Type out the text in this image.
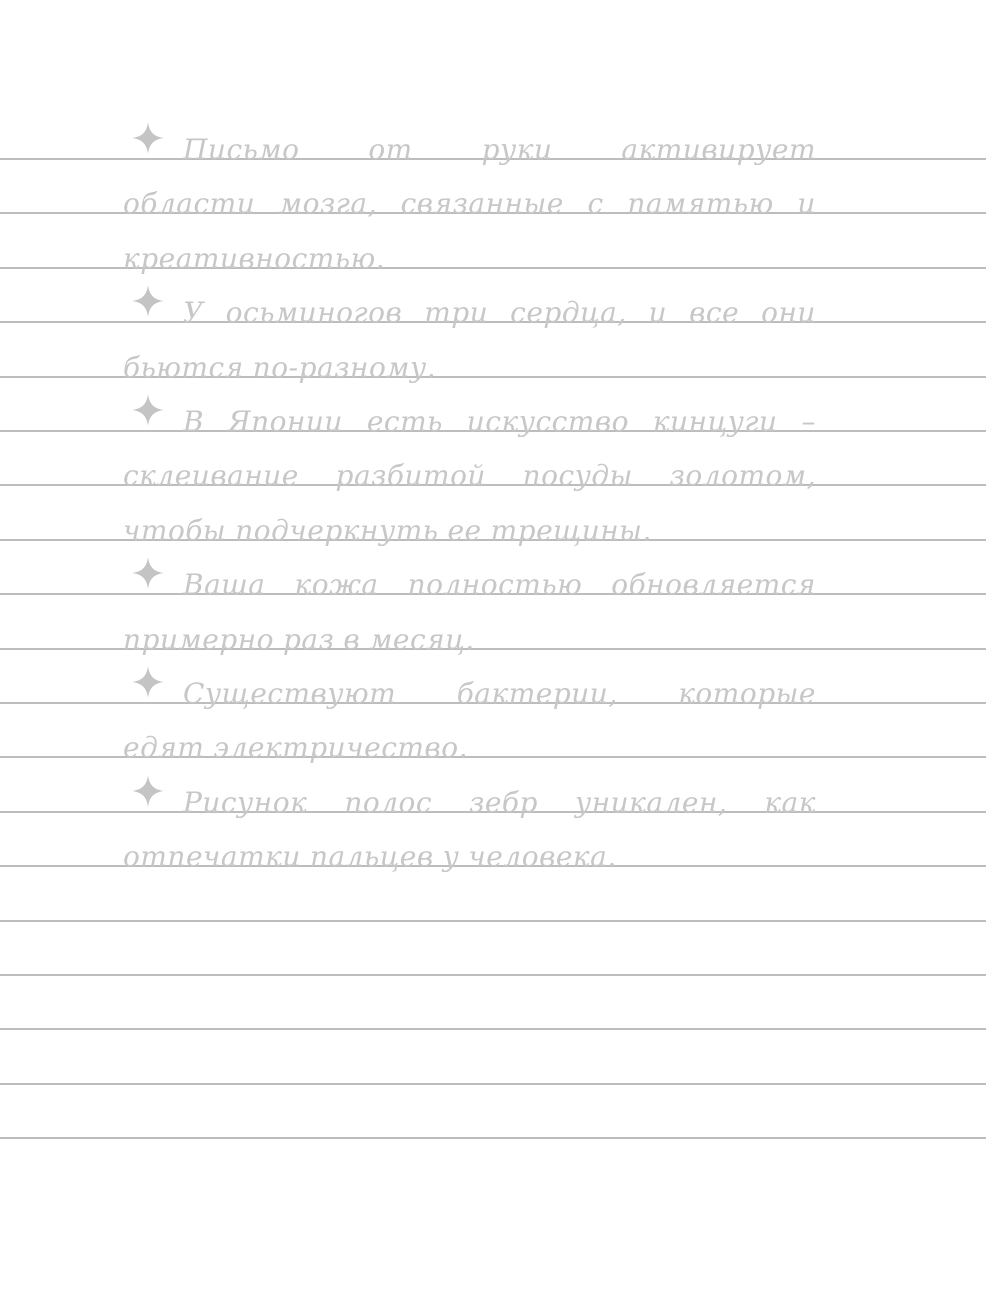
Письмо от руки активирует
области мозга, связанные с памятью и
креативностью.
У осьминогов три сердца, и все они
бьются по-разному.
В Японии есть искусство кинцуги –
склеивание разбитой посуды золотом,
чтобы подчеркнуть ее трещины.
Ваша кожа полностью обновляется
примерно раз в месяц.
Существуют бактерии, которые
едят электричество.
Рисунок полос зебр уникален, как
отпечатки пальцев у человека.
